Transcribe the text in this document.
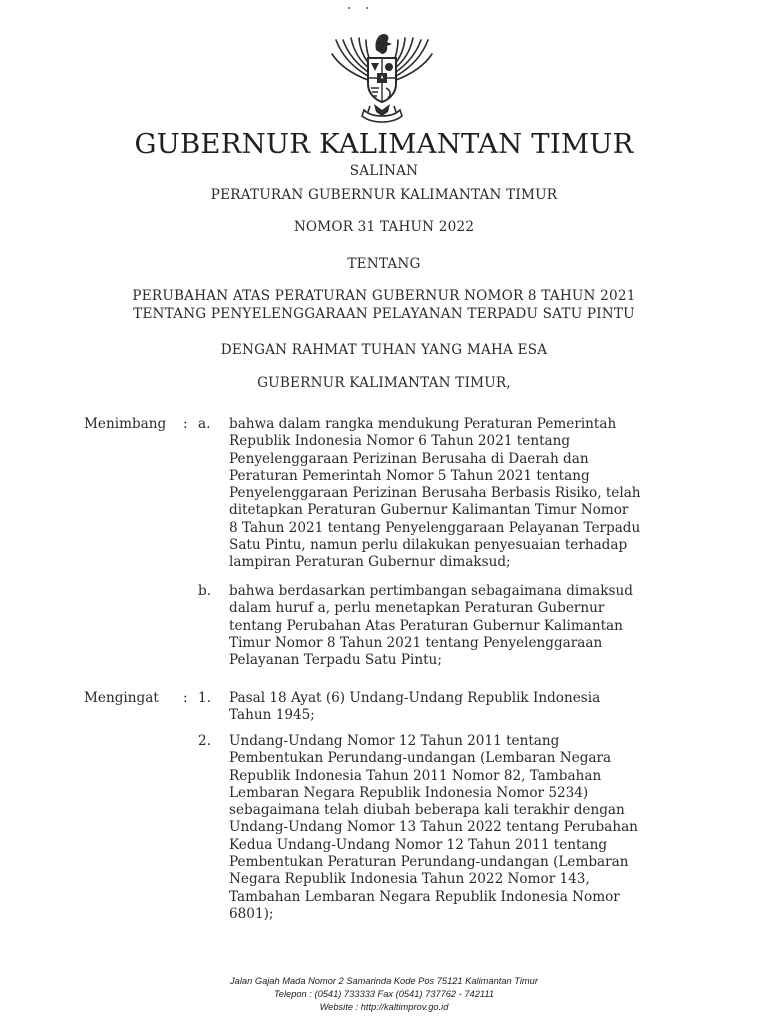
GUBERNUR KALIMANTAN TIMUR
SALINAN
PERATURAN GUBERNUR KALIMANTAN TIMUR
NOMOR 31 TAHUN 2022
TENTANG
PERUBAHAN ATAS PERATURAN GUBERNUR NOMOR 8 TAHUN 2021
TENTANG PENYELENGGARAAN PELAYANAN TERPADU SATU PINTU
DENGAN RAHMAT TUHAN YANG MAHA ESA
GUBERNUR KALIMANTAN TIMUR,
Menimbang : a. bahwa dalam rangka mendukung Peraturan Pemerintah
Republik Indonesia Nomor 6 Tahun 2021 tentang
Penyelenggaraan Perizinan Berusaha di Daerah dan
Peraturan Pemerintah Nomor 5 Tahun 2021 tentang
Penyelenggaraan Perizinan Berusaha Berbasis Risiko, telah
ditetapkan Peraturan Gubernur Kalimantan Timur Nomor
8 Tahun 2021 tentang Penyelenggaraan Pelayanan Terpadu
Satu Pintu, namun perlu dilakukan penyesuaian terhadap
lampiran Peraturan Gubernur dimaksud;
b. bahwa berdasarkan pertimbangan sebagaimana dimaksud
dalam huruf a, perlu menetapkan Peraturan Gubernur
tentang Perubahan Atas Peraturan Gubernur Kalimantan
Timur Nomor 8 Tahun 2021 tentang Penyelenggaraan
Pelayanan Terpadu Satu Pintu;
Mengingat : 1. Pasal 18 Ayat (6) Undang-Undang Republik Indonesia
Tahun 1945;
2. Undang-Undang Nomor 12 Tahun 2011 tentang
Pembentukan Perundang-undangan (Lembaran Negara
Republik Indonesia Tahun 2011 Nomor 82, Tambahan
Lembaran Negara Republik Indonesia Nomor 5234)
sebagaimana telah diubah beberapa kali terakhir dengan
Undang-Undang Nomor 13 Tahun 2022 tentang Perubahan
Kedua Undang-Undang Nomor 12 Tahun 2011 tentang
Pembentukan Peraturan Perundang-undangan (Lembaran
Negara Republik Indonesia Tahun 2022 Nomor 143,
Tambahan Lembaran Negara Republik Indonesia Nomor
6801);
Jalan Gajah Mada Nomor 2 Samarinda Kode Pos 75121 Kalimantan Timur
Telepon : (0541) 733333 Fax (0541) 737762 - 742111
Website : http://kaltimprov.go.id
